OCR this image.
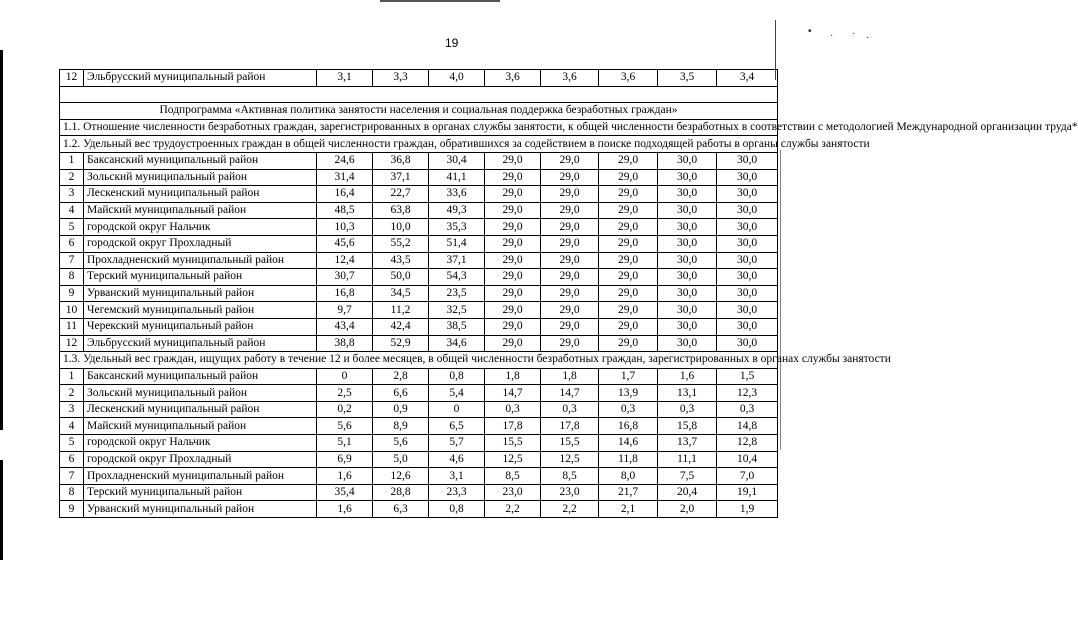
19
• · · ·
12	Эльбрусский муниципальный район	3,1	3,3	4,0	3,6	3,6	3,6	3,5	3,4

Подпрограмма «Активная политика занятости населения и социальная поддержка безработных граждан»									
1.1. Отношение численности безработных граждан, зарегистрированных в органах службы занятости, к общей численности безработных в соответствии с методологией Международной организации труда*									
1.2. Удельный вес трудоустроенных граждан в общей численности граждан, обратившихся за содействием в поиске подходящей работы в органы службы занятости									
1	Баксанский муниципальный район	24,6	36,8	30,4	29,0	29,0	29,0	30,0	30,0
2	Зольский муниципальный район	31,4	37,1	41,1	29,0	29,0	29,0	30,0	30,0
3	Лескенский муниципальный район	16,4	22,7	33,6	29,0	29,0	29,0	30,0	30,0
4	Майский муниципальный район	48,5	63,8	49,3	29,0	29,0	29,0	30,0	30,0
5	городской округ Нальчик	10,3	10,0	35,3	29,0	29,0	29,0	30,0	30,0
6	городской округ Прохладный	45,6	55,2	51,4	29,0	29,0	29,0	30,0	30,0
7	Прохладненский муниципальный район	12,4	43,5	37,1	29,0	29,0	29,0	30,0	30,0
8	Терский муниципальный район	30,7	50,0	54,3	29,0	29,0	29,0	30,0	30,0
9	Урванский муниципальный район	16,8	34,5	23,5	29,0	29,0	29,0	30,0	30,0
10	Чегемский муниципальный район	9,7	11,2	32,5	29,0	29,0	29,0	30,0	30,0
11	Черекский муниципальный район	43,4	42,4	38,5	29,0	29,0	29,0	30,0	30,0
12	Эльбрусский муниципальный район	38,8	52,9	34,6	29,0	29,0	29,0	30,0	30,0
1.3. Удельный вес граждан, ищущих работу в течение 12 и более месяцев, в общей численности безработных граждан, зарегистрированных в органах службы занятости									
1	Баксанский муниципальный район	0	2,8	0,8	1,8	1,8	1,7	1,6	1,5
2	Зольский муниципальный район	2,5	6,6	5,4	14,7	14,7	13,9	13,1	12,3
3	Лескенский муниципальный район	0,2	0,9	0	0,3	0,3	0,3	0,3	0,3
4	Майский муниципальный район	5,6	8,9	6,5	17,8	17,8	16,8	15,8	14,8
5	городской округ Нальчик	5,1	5,6	5,7	15,5	15,5	14,6	13,7	12,8
6	городской округ Прохладный	6,9	5,0	4,6	12,5	12,5	11,8	11,1	10,4
7	Прохладненский муниципальный район	1,6	12,6	3,1	8,5	8,5	8,0	7,5	7,0
8	Терский муниципальный район	35,4	28,8	23,3	23,0	23,0	21,7	20,4	19,1
9	Урванский муниципальный район	1,6	6,3	0,8	2,2	2,2	2,1	2,0	1,9
